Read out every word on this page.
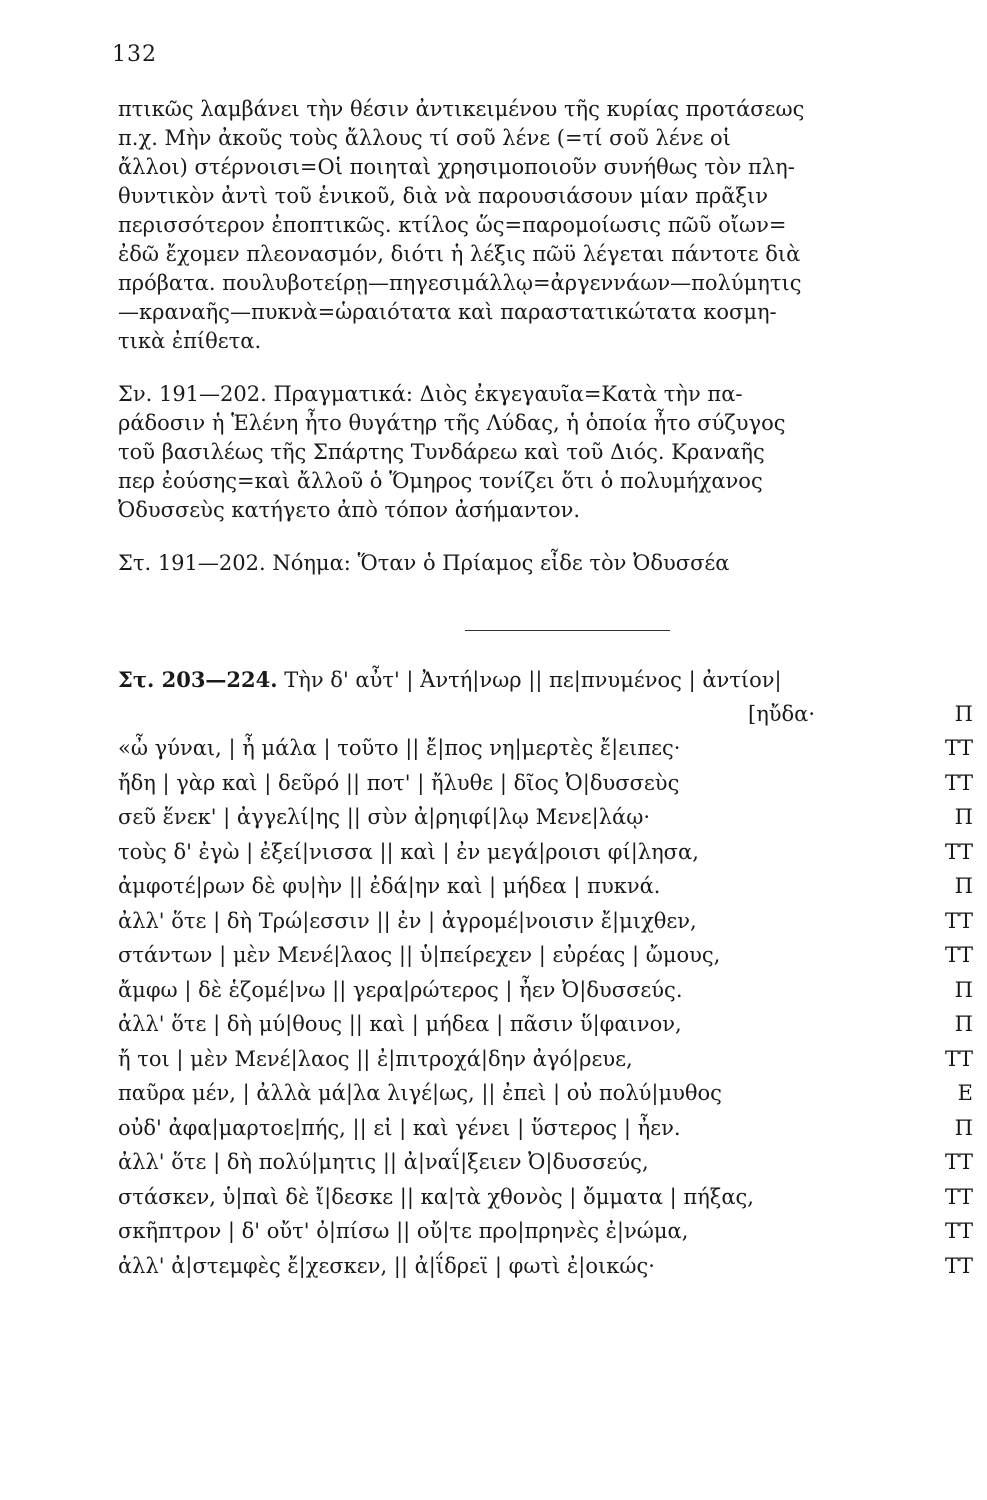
132

πτικῶς λαμβάνει τὴν θέσιν ἀντικειμένου τῆς κυρίας προτάσεως

π.χ. Μὴν ἀκοῦς τοὺς ἄλλους τί σοῦ λένε (=τί σοῦ λένε οἱ

ἄλλοι) στέρνοισι=Οἱ ποιηταὶ χρησιμοποιοῦν συνήθως τὸν πλη-

θυντικὸν ἀντὶ τοῦ ἑνικοῦ, διὰ νὰ παρουσιάσουν μίαν πρᾶξιν

περισσότερον ἐποπτικῶς. κτίλος ὥς=παρομοίωσις πῶῦ οἴων=

ἐδῶ ἔχομεν πλεονασμόν, διότι ἡ λέξις πῶϋ λέγεται πάντοτε διὰ

πρόβατα. πουλυβοτείρῃ—πηγεσιμάλλῳ=ἀργεννάων—πολύμητις

—κραναῆς—πυκνὰ=ὡραιότατα καὶ παραστατικώτατα κοσμη-

τικὰ ἐπίθετα.

Σν. 191—202. Πραγματικά: Διὸς ἐκγεγαυῖα=Κατὰ τὴν πα-

ράδοσιν ἡ Ἑλένη ἦτο θυγάτηρ τῆς Λύδας, ἡ ὁποία ἦτο σύζυγος

τοῦ βασιλέως τῆς Σπάρτης Τυνδάρεω καὶ τοῦ Διός. Κραναῆς

περ ἐούσης=καὶ ἄλλοῦ ὁ Ὅμηρος τονίζει ὅτι ὁ πολυμήχανος

Ὀδυσσεὺς κατήγετο ἀπὸ τόπον ἀσήμαντον.

Στ. 191—202. Νόημα: Ὅταν ὁ Πρίαμος εἶδε τὸν Ὀδυσσέα

Στ. 203—224. Τὴν δ' αὖτ' | Ἀντή|νωρ || πε|πνυμένος | ἀντίον|
[ηὔδα·	Π
«ὦ γύναι, | ἦ μάλα | τοῦτο || ἔ|πος νη|μερτὲς ἔ|ειπες·	ΤΤ
ἤδη | γὰρ καὶ | δεῦρό || ποτ' | ἤλυθε | δῖος Ὀ|δυσσεὺς	ΤΤ
σεῦ ἕνεκ' | ἀγγελί|ης || σὺν ἀ|ρηιφί|λῳ Μενε|λάῳ·	Π
τοὺς δ' ἐγὼ | ἐξεί|νισσα || καὶ | ἐν μεγά|ροισι φί|λησα,	ΤΤ
ἀμφοτέ|ρων δὲ φυ|ὴν || ἐδά|ην καὶ | μήδεα | πυκνά.	Π
ἀλλ' ὅτε | δὴ Τρώ|εσσιν || ἐν | ἀγρομέ|νοισιν ἔ|μιχθεν,	ΤΤ
στάντων | μὲν Μενέ|λαος || ὑ|πείρεχεν | εὐρέας | ὤμους,	ΤΤ
ἄμφω | δὲ ἑζομέ|νω || γερα|ρώτερος | ἦεν Ὀ|δυσσεύς.	Π
ἀλλ' ὅτε | δὴ μύ|θους || καὶ | μήδεα | πᾶσιν ὕ|φαινον,	Π
ἤ τοι | μὲν Μενέ|λαος || ἐ|πιτροχά|δην ἀγό|ρευε,	ΤΤ
παῦρα μέν, | ἀλλὰ μά|λα λιγέ|ως, || ἐπεὶ | οὐ πολύ|μυθος	Ε
οὐδ' ἀφα|μαρτοε|πής, || εἰ | καὶ γένει | ὕστερος | ἦεν.	Π
ἀλλ' ὅτε | δὴ πολύ|μητις || ἀ|ναΐ|ξειεν Ὀ|δυσσεύς,	ΤΤ
στάσκεν, ὑ|παὶ δὲ ἴ|δεσκε || κα|τὰ χθονὸς | ὄμματα | πήξας,	ΤΤ
σκῆπτρον | δ' οὔτ' ὀ|πίσω || οὔ|τε προ|πρηνὲς ἐ|νώμα,	ΤΤ
ἀλλ' ἀ|στεμφὲς ἔ|χεσκεν, || ἀ|ΐδρεϊ | φωτὶ ἐ|οικώς·	ΤΤ
